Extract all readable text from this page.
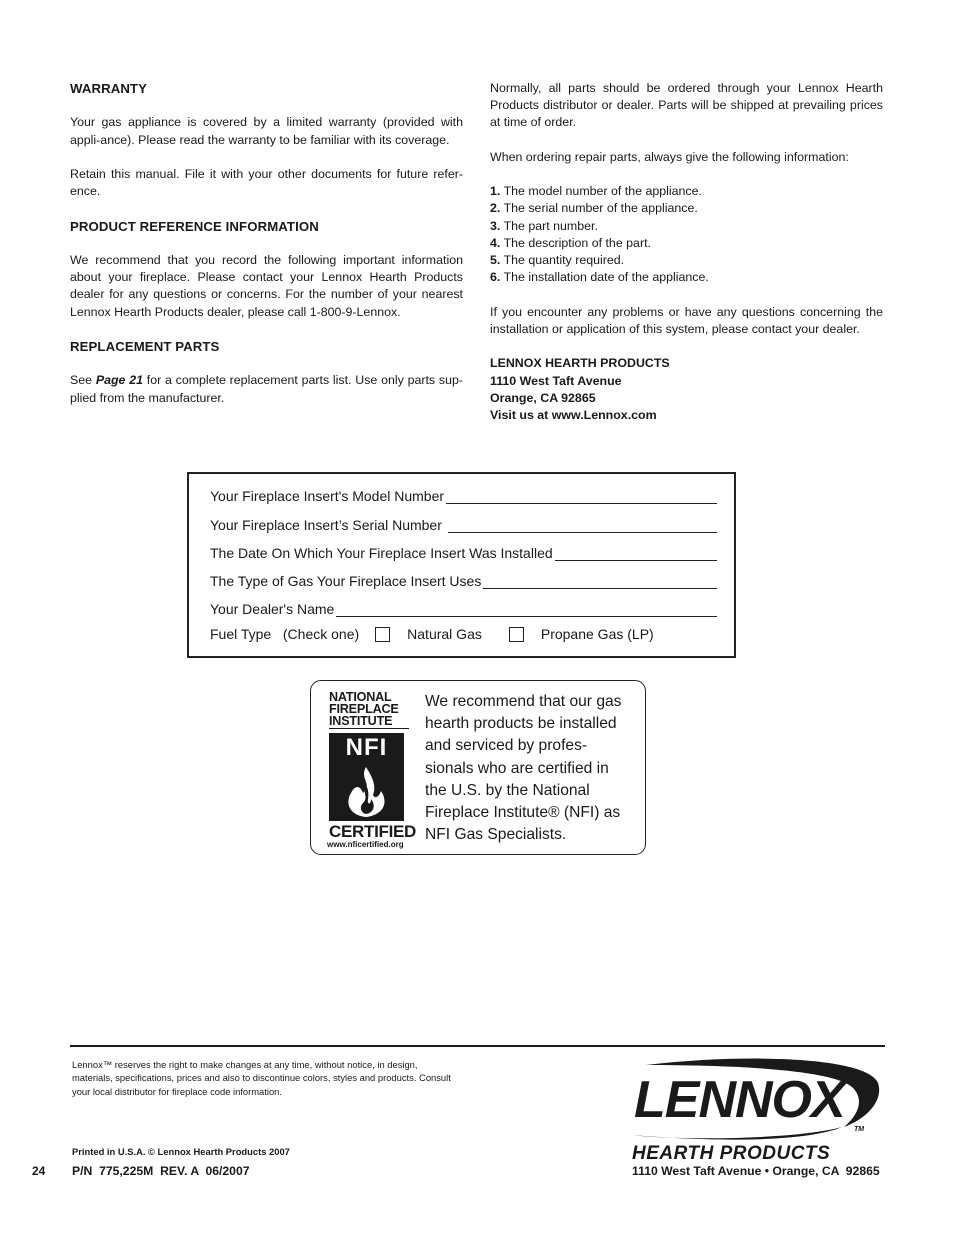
WARRANTY

Your gas appliance is covered by a limited warranty (provided with appli-ance). Please read the warranty to be familiar with its coverage.

Retain this manual. File it with your other documents for future refer-ence.

PRODUCT REFERENCE INFORMATION

We recommend that you record the following important information about your fireplace. Please contact your Lennox Hearth Products dealer for any questions or concerns. For the number of your nearest Lennox Hearth Products dealer, please call 1-800-9-Lennox.

REPLACEMENT PARTS

See Page 21 for a complete replacement parts list. Use only parts sup-plied from the manufacturer.

Normally, all parts should be ordered through your Lennox Hearth Products distributor or dealer. Parts will be shipped at prevailing prices at time of order.

When ordering repair parts, always give the following information:

1. The model number of the appliance.
2. The serial number of the appliance.
3. The part number.
4. The description of the part.
5. The quantity required.
6. The installation date of the appliance.

If you encounter any problems or have any questions concerning the installation or application of this system, please contact your dealer.

LENNOX HEARTH PRODUCTS
1110 West Taft Avenue
Orange, CA 92865
Visit us at www.Lennox.com
Your Fireplace Insert's Model Number
Your Fireplace Insert’s Serial Number
The Date On Which Your Fireplace Insert Was Installed
The Type of Gas Your Fireplace Insert Uses
Your Dealer's Name
Fuel Type   (Check one)	Natural Gas	Propane Gas (LP)
NATIONAL
FIREPLACE
INSTITUTE
NFI
CERTIFIED
www.nficertified.org
We recommend that our gas
hearth products be installed
and serviced by profes-
sionals who are certified in
the U.S. by the National
Fireplace Institute® (NFI) as
NFI Gas Specialists.
Lennox™ reserves the right to make changes at any time, without notice, in design, materials, specifications, prices and also to discontinue colors, styles and products. Consult your local distributor for fireplace code information.
Printed in U.S.A. © Lennox Hearth Products 2007
24 P/N  775,225M  REV. A  06/2007
LENNOX
TM
HEARTH PRODUCTS
1110 West Taft Avenue • Orange, CA  92865
